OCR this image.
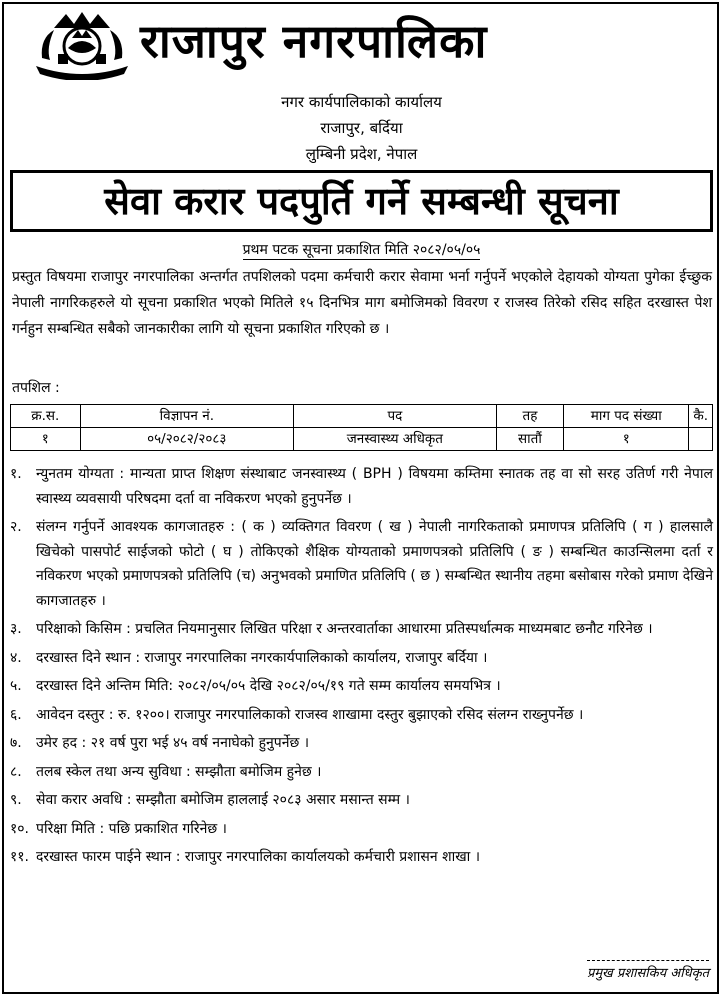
राजापुर नगरपालिका
नगर कार्यपालिकाको कार्यालय
राजापुर, बर्दिया
लुम्बिनी प्रदेश, नेपाल
सेवा करार पदपुर्ति गर्ने सम्बन्धी सूचना
प्रथम पटक सूचना प्रकाशित मिति २०८२/०५/०५
प्रस्तुत विषयमा राजापुर नगरपालिका अन्तर्गत तपशिलको पदमा कर्मचारी करार सेवामा भर्ना गर्नुपर्ने भएकोले देहायको योग्यता पुगेका ईच्छुक नेपाली नागरिकहरुले यो सूचना प्रकाशित भएको मितिले १५ दिनभित्र माग बमोजिमको विवरण र राजस्व तिरेको रसिद सहित दरखास्त पेश गर्नहुन सम्बन्धित सबैको जानकारीका लागि यो सूचना प्रकाशित गरिएको छ ।
तपशिल :
क्र.स.	विज्ञापन नं.	पद	तह	माग पद संख्या	कै.
१	०५/२०८२/२०८३	जनस्वास्थ्य अधिकृत	सातौं	१	
१.	न्युनतम योग्यता : मान्यता प्राप्त शिक्षण संस्थाबाट जनस्वास्थ्य ( BPH ) विषयमा कम्तिमा स्नातक तह वा सो सरह उतिर्ण गरी नेपाल स्वास्थ्य व्यवसायी परिषदमा दर्ता वा नविकरण भएको हुनुपर्नेछ ।
२.	संलग्न गर्नुपर्ने आवश्यक कागजातहरु : ( क ) व्यक्तिगत विवरण ( ख ) नेपाली नागरिकताको प्रमाणपत्र प्रतिलिपि ( ग ) हालसालै खिचेको पासपोर्ट साईजको फोटो ( घ ) तोकिएको शैक्षिक योग्यताको प्रमाणपत्रको प्रतिलिपि ( ङ ) सम्बन्धित काउन्सिलमा दर्ता र नविकरण भएको प्रमाणपत्रको प्रतिलिपि (च) अनुभवको प्रमाणित प्रतिलिपि ( छ ) सम्बन्धित स्थानीय तहमा बसोबास गरेको प्रमाण देखिने कागजातहरु ।
३.	परिक्षाको किसिम : प्रचलित नियमानुसार लिखित परिक्षा र अन्तरवार्ताका आधारमा प्रतिस्पर्धात्मक माध्यमबाट छनौट गरिनेछ ।
४.	दरखास्त दिने स्थान : राजापुर नगरपालिका नगरकार्यपालिकाको कार्यालय, राजापुर बर्दिया ।
५.	दरखास्त दिने अन्तिम मिति: २०८२/०५/०५ देखि २०८२/०५/१९ गते सम्म कार्यालय समयभित्र ।
६.	आवेदन दस्तुर : रु. १२००। राजापुर नगरपालिकाको राजस्व शाखामा दस्तुर बुझाएको रसिद संलग्न राख्नुपर्नेछ ।
७.	उमेर हद : २१ वर्ष पुरा भई ४५ वर्ष ननाघेको हुनुपर्नेछ ।
८.	तलब स्केल तथा अन्य सुविधा : सम्झौता बमोजिम हुनेछ ।
९.	सेवा करार अवधि : सम्झौता बमोजिम हाललाई २०८३ असार मसान्त सम्म ।
१०. परिक्षा मिति : पछि प्रकाशित गरिनेछ ।
११. दरखास्त फारम पाईने स्थान : राजापुर नगरपालिका कार्यालयको कर्मचारी प्रशासन शाखा ।
प्रमुख प्रशासकिय अधिकृत
